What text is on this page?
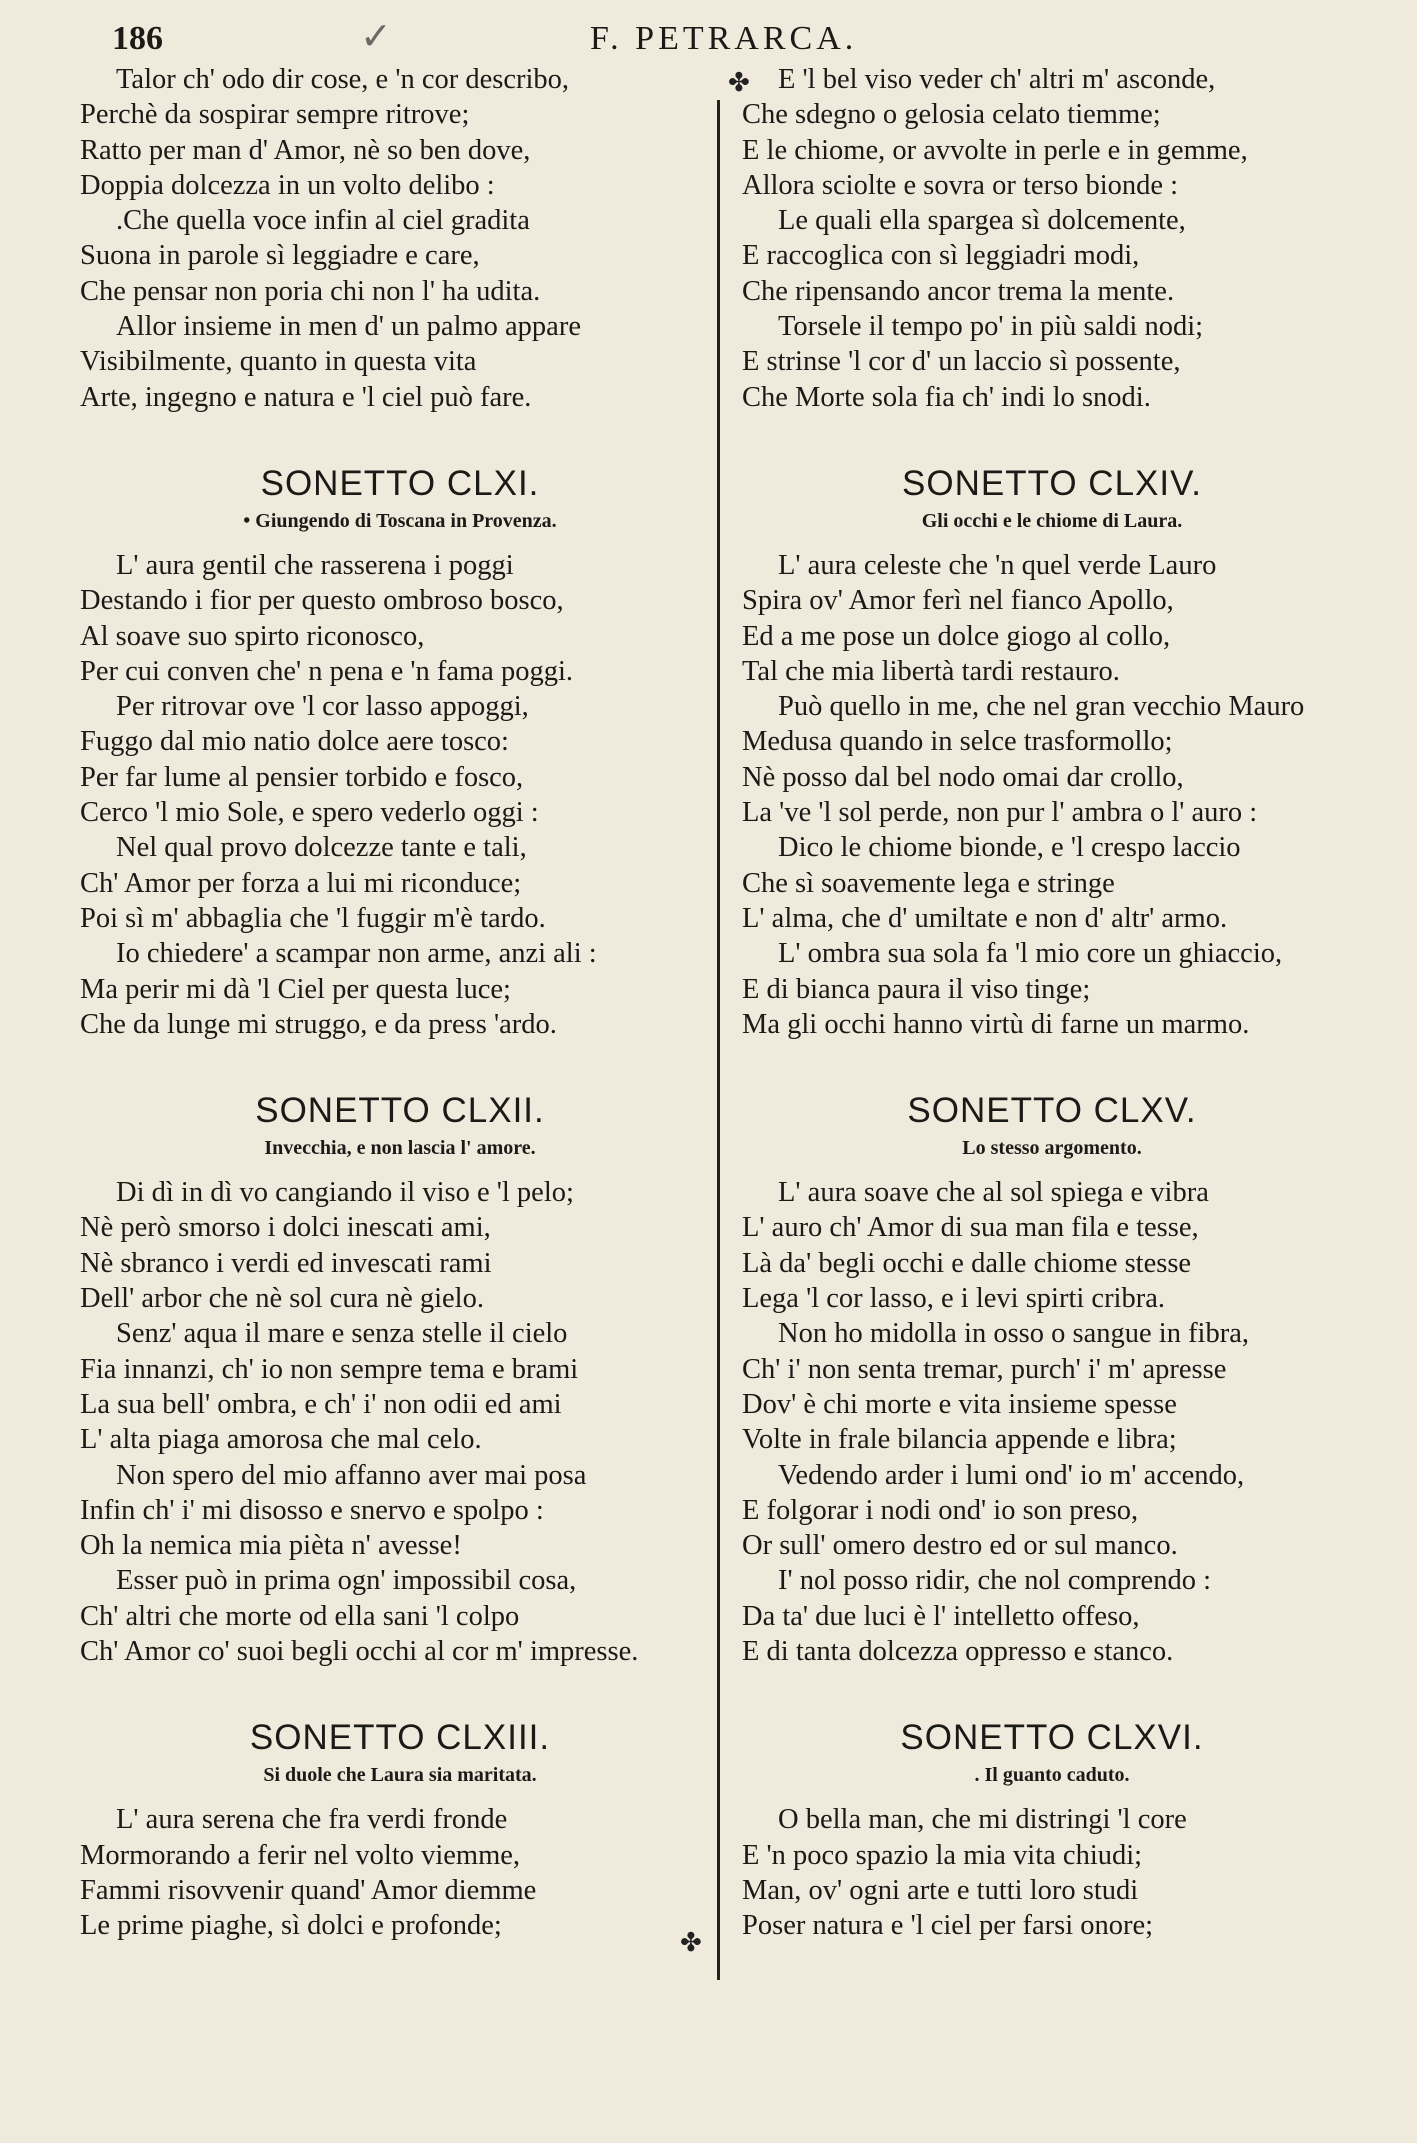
186	✓	F. PETRARCA.
✤
✤
Talor ch' odo dir cose, e 'n cor describo,
Perchè da sospirar sempre ritrove;
Ratto per man d' Amor, nè so ben dove,
Doppia dolcezza in un volto delibo :
.Che quella voce infin al ciel gradita
Suona in parole sì leggiadre e care,
Che pensar non poria chi non l' ha udita.
Allor insieme in men d' un palmo appare
Visibilmente, quanto in questa vita
Arte, ingegno e natura e 'l ciel può fare.
SONETTO CLXI.
• Giungendo di Toscana in Provenza.
L' aura gentil che rasserena i poggi
Destando i fior per questo ombroso bosco,
Al soave suo spirto riconosco,
Per cui conven che' n pena e 'n fama poggi.
Per ritrovar ove 'l cor lasso appoggi,
Fuggo dal mio natio dolce aere tosco:
Per far lume al pensier torbido e fosco,
Cerco 'l mio Sole, e spero vederlo oggi :
Nel qual provo dolcezze tante e tali,
Ch' Amor per forza a lui mi riconduce;
Poi sì m' abbaglia che 'l fuggir m'è tardo.
Io chiedere' a scampar non arme, anzi ali :
Ma perir mi dà 'l Ciel per questa luce;
Che da lunge mi struggo, e da press 'ardo.
SONETTO CLXII.
Invecchia, e non lascia l' amore.
Di dì in dì vo cangiando il viso e 'l pelo;
Nè però smorso i dolci inescati ami,
Nè sbranco i verdi ed invescati rami
Dell' arbor che nè sol cura nè gielo.
Senz' aqua il mare e senza stelle il cielo
Fia innanzi, ch' io non sempre tema e brami
La sua bell' ombra, e ch' i' non odii ed ami
L' alta piaga amorosa che mal celo.
Non spero del mio affanno aver mai posa
Infin ch' i' mi disosso e snervo e spolpo :
Oh la nemica mia pièta n' avesse!
Esser può in prima ogn' impossibil cosa,
Ch' altri che morte od ella sani 'l colpo
Ch' Amor co' suoi begli occhi al cor m' impresse.
SONETTO CLXIII.
Si duole che Laura sia maritata.
L' aura serena che fra verdi fronde
Mormorando a ferir nel volto viemme,
Fammi risovvenir quand' Amor diemme
Le prime piaghe, sì dolci e profonde;
E 'l bel viso veder ch' altri m' asconde,
Che sdegno o gelosia celato tiemme;
E le chiome, or avvolte in perle e in gemme,
Allora sciolte e sovra or terso bionde :
Le quali ella spargea sì dolcemente,
E raccoglica con sì leggiadri modi,
Che ripensando ancor trema la mente.
Torsele il tempo po' in più saldi nodi;
E strinse 'l cor d' un laccio sì possente,
Che Morte sola fia ch' indi lo snodi.
SONETTO CLXIV.
Gli occhi e le chiome di Laura.
L' aura celeste che 'n quel verde Lauro
Spira ov' Amor ferì nel fianco Apollo,
Ed a me pose un dolce giogo al collo,
Tal che mia libertà tardi restauro.
Può quello in me, che nel gran vecchio Mauro
Medusa quando in selce trasformollo;
Nè posso dal bel nodo omai dar crollo,
La 've 'l sol perde, non pur l' ambra o l' auro :
Dico le chiome bionde, e 'l crespo laccio
Che sì soavemente lega e stringe
L' alma, che d' umiltate e non d' altr' armo.
L' ombra sua sola fa 'l mio core un ghiaccio,
E di bianca paura il viso tinge;
Ma gli occhi hanno virtù di farne un marmo.
SONETTO CLXV.
Lo stesso argomento.
L' aura soave che al sol spiega e vibra
L' auro ch' Amor di sua man fila e tesse,
Là da' begli occhi e dalle chiome stesse
Lega 'l cor lasso, e i levi spirti cribra.
Non ho midolla in osso o sangue in fibra,
Ch' i' non senta tremar, purch' i' m' apresse
Dov' è chi morte e vita insieme spesse
Volte in frale bilancia appende e libra;
Vedendo arder i lumi ond' io m' accendo,
E folgorar i nodi ond' io son preso,
Or sull' omero destro ed or sul manco.
I' nol posso ridir, che nol comprendo :
Da ta' due luci è l' intelletto offeso,
E di tanta dolcezza oppresso e stanco.
SONETTO CLXVI.
. Il guanto caduto.
O bella man, che mi distringi 'l core
E 'n poco spazio la mia vita chiudi;
Man, ov' ogni arte e tutti loro studi
Poser natura e 'l ciel per farsi onore;
